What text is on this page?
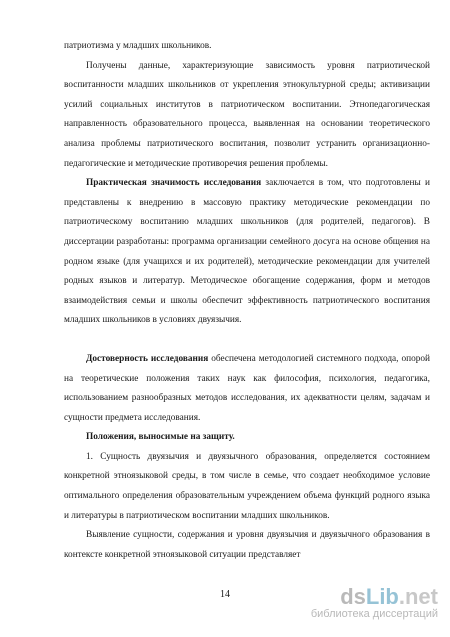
патриотизма у младших школьников.

Получены данные, характеризующие зависимость уровня патриотической воспитанности младших школьников от укрепления этнокультурной среды; активизации усилий социальных институтов в патриотическом воспитании. Этнопедагогическая направленность образовательного процесса, выявленная на основании теоретического анализа проблемы патриотического воспитания, позволит устранить организационно-педагогические и методические противоречия решения проблемы.

Практическая значимость исследования заключается в том, что подготовлены и представлены к внедрению в массовую практику методические рекомендации по патриотическому воспитанию младших школьников (для родителей, педагогов). В диссертации разработаны: программа организации семейного досуга на основе общения на родном языке (для учащихся и их родителей), методические рекомендации для учителей родных языков и литератур. Методическое обогащение содержания, форм и методов взаимодействия семьи и школы обеспечит эффективность патриотического воспитания младших школьников в условиях двуязычия.

Достоверность исследования обеспечена методологией системного подхода, опорой на теоретические положения таких наук как философия, психология, педагогика, использованием разнообразных методов исследования, их адекватности целям, задачам и сущности предмета исследования.

Положения, выносимые на защиту.

1. Сущность двуязычия и двуязычного образования, определяется состоянием конкретной этноязыковой среды, в том числе в семье, что создает необходимое условие оптимального определения образовательным учреждением объема функций родного языка и литературы в патриотическом воспитании младших школьников.

Выявление сущности, содержания и уровня двуязычия и двуязычного образования в контексте конкретной этноязыковой ситуации представляет

14	ds Lib .net
библиотека диссертаций
